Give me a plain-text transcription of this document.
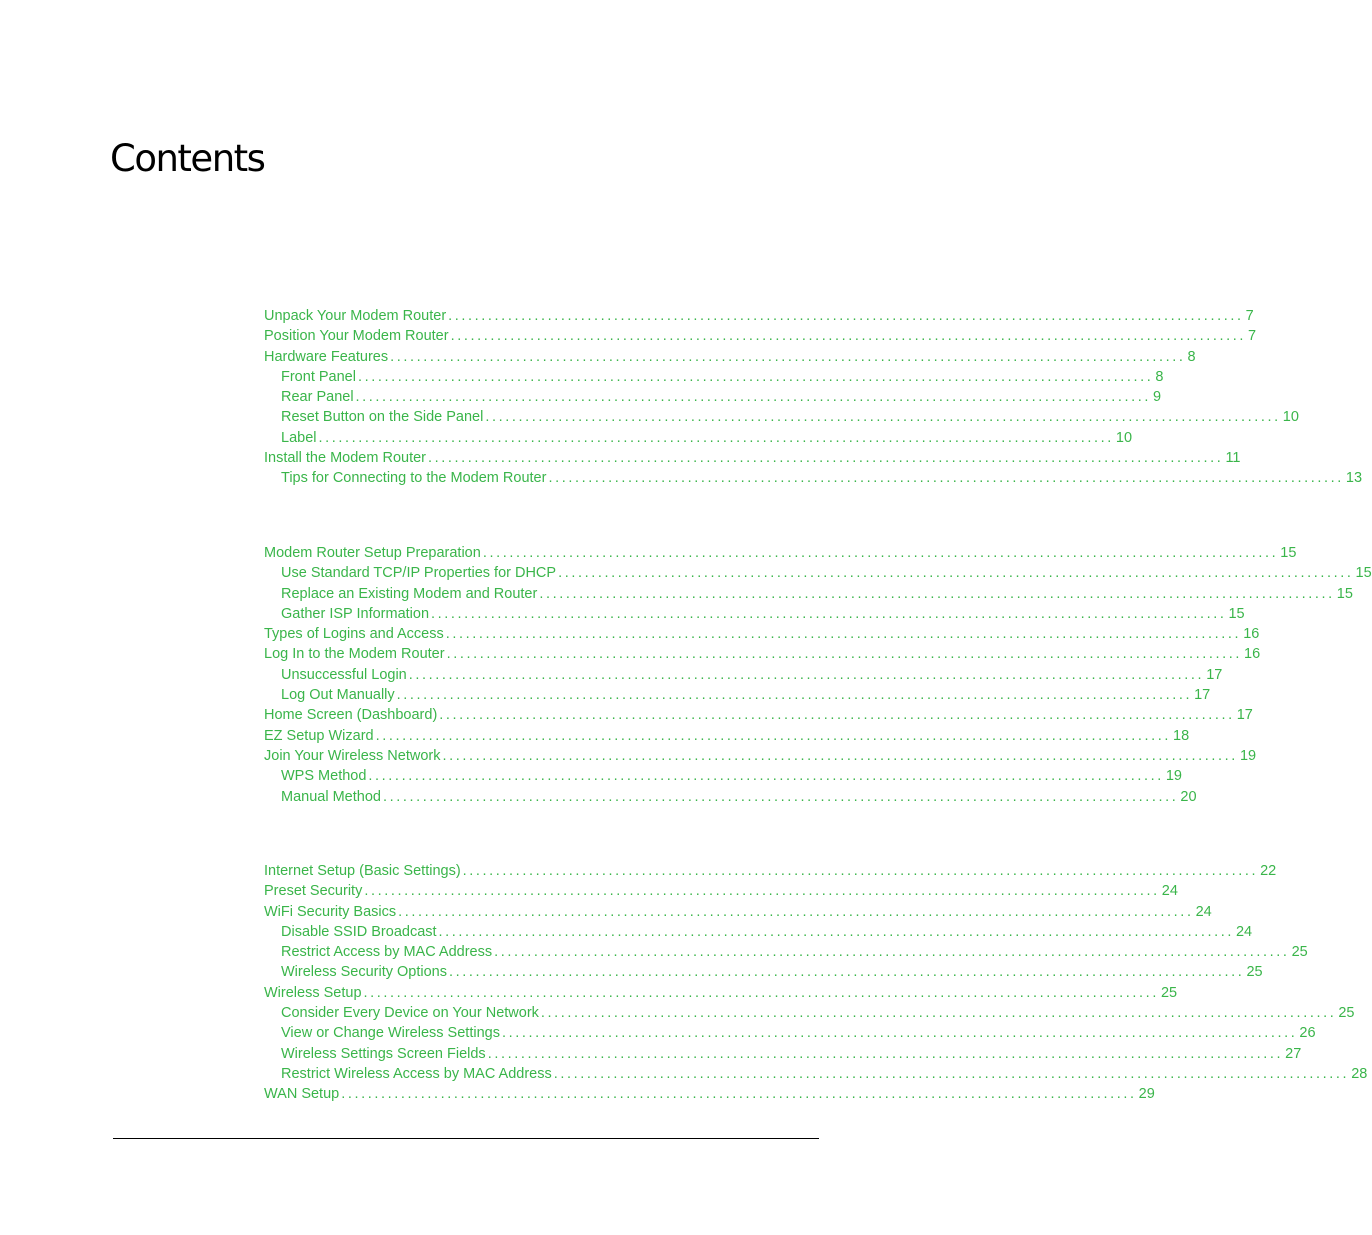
Contents
Unpack Your Modem Router ........................................................................................................................ 7
Position Your Modem Router ........................................................................................................................ 7
Hardware Features ........................................................................................................................ 8
Front Panel ........................................................................................................................ 8
Rear Panel ........................................................................................................................ 9
Reset Button on the Side Panel ........................................................................................................................ 10
Label ........................................................................................................................ 10
Install the Modem Router ........................................................................................................................ 11
Tips for Connecting to the Modem Router ........................................................................................................................ 13
Modem Router Setup Preparation ........................................................................................................................ 15
Use Standard TCP/IP Properties for DHCP ........................................................................................................................ 15
Replace an Existing Modem and Router ........................................................................................................................ 15
Gather ISP Information ........................................................................................................................ 15
Types of Logins and Access ........................................................................................................................ 16
Log In to the Modem Router ........................................................................................................................ 16
Unsuccessful Login ........................................................................................................................ 17
Log Out Manually ........................................................................................................................ 17
Home Screen (Dashboard) ........................................................................................................................ 17
EZ Setup Wizard ........................................................................................................................ 18
Join Your Wireless Network ........................................................................................................................ 19
WPS Method ........................................................................................................................ 19
Manual Method ........................................................................................................................ 20
Internet Setup (Basic Settings) ........................................................................................................................ 22
Preset Security ........................................................................................................................ 24
WiFi Security Basics ........................................................................................................................ 24
Disable SSID Broadcast ........................................................................................................................ 24
Restrict Access by MAC Address ........................................................................................................................ 25
Wireless Security Options ........................................................................................................................ 25
Wireless Setup ........................................................................................................................ 25
Consider Every Device on Your Network ........................................................................................................................ 25
View or Change Wireless Settings ........................................................................................................................ 26
Wireless Settings Screen Fields ........................................................................................................................ 27
Restrict Wireless Access by MAC Address ........................................................................................................................ 28
WAN Setup ........................................................................................................................ 29
